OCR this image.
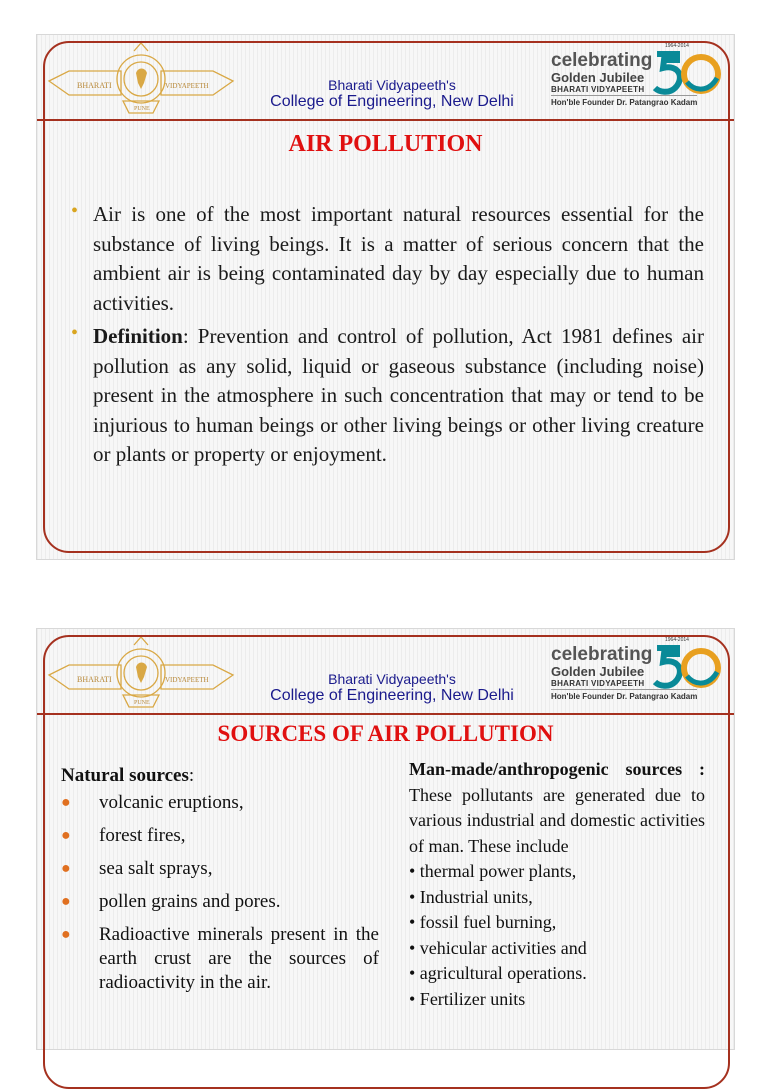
BHARATI	VIDYAPEETH
PUNE
Bharati Vidyapeeth's
College of Engineering, New Delhi
1964-2014
celebrating
Golden Jubilee
BHARATI VIDYAPEETH
Hon'ble Founder Dr. Patangrao Kadam
AIR POLLUTION
• Air is one of the most important natural resources essential for the substance of living beings. It is a matter of serious concern that the ambient air is being contaminated day by day especially due to human activities.
• Definition: Prevention and control of pollution, Act 1981 defines air pollution as any solid, liquid or gaseous substance (including noise) present in the atmosphere in such concentration that may or tend to be injurious to human beings or other living beings or other living creature or plants or property or enjoyment.
BHARATI	VIDYAPEETH
PUNE
Bharati Vidyapeeth's
College of Engineering, New Delhi
1964-2014
celebrating
Golden Jubilee
BHARATI VIDYAPEETH
Hon'ble Founder Dr. Patangrao Kadam
SOURCES OF AIR POLLUTION
Natural sources:
● volcanic eruptions,
● forest fires,
● sea salt sprays,
● pollen grains and pores.
● Radioactive minerals present in the earth crust are the sources of radioactivity in the air.
Man-made/anthropogenic sources : These pollutants are generated due to various industrial and domestic activities of man. These include
• thermal power plants,
• Industrial units,
• fossil fuel burning,
• vehicular activities and
• agricultural operations.
• Fertilizer units
